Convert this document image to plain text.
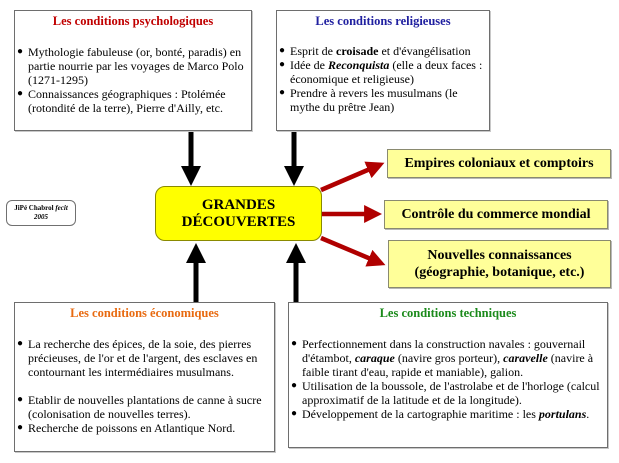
Les conditions psychologiques
● Mythologie fabuleuse (or, bonté, paradis) en partie nourrie par les voyages de Marco Polo (1271-1295)
● Connaissances géographiques : Ptolémée (rotondité de la terre), Pierre d'Ailly, etc.
Les conditions religieuses
● Esprit de croisade et d'évangélisation
● Idée de Reconquista (elle a deux faces : économique et religieuse)
● Prendre à revers les musulmans (le mythe du prêtre Jean)
JiPé Chabrol fecit
2005
GRANDES
DÉCOUVERTES
Empires coloniaux et comptoirs
Contrôle du commerce mondial
Nouvelles connaissances
(géographie, botanique, etc.)
Les conditions économiques
● La recherche des épices, de la soie, des pierres précieuses, de l'or et de l'argent, des esclaves en contournant les intermédiaires musulmans.
● Etablir de nouvelles plantations de canne à sucre (colonisation de nouvelles terres).
● Recherche de poissons en Atlantique Nord.
Les conditions techniques
● Perfectionnement dans la construction navales : gouvernail d'étambot, caraque (navire gros porteur), caravelle (navire à faible tirant d'eau, rapide et maniable), galion.
● Utilisation de la boussole, de l'astrolabe et de l'horloge (calcul approximatif de la latitude et de la longitude).
● Développement de la cartographie maritime : les portulans.
